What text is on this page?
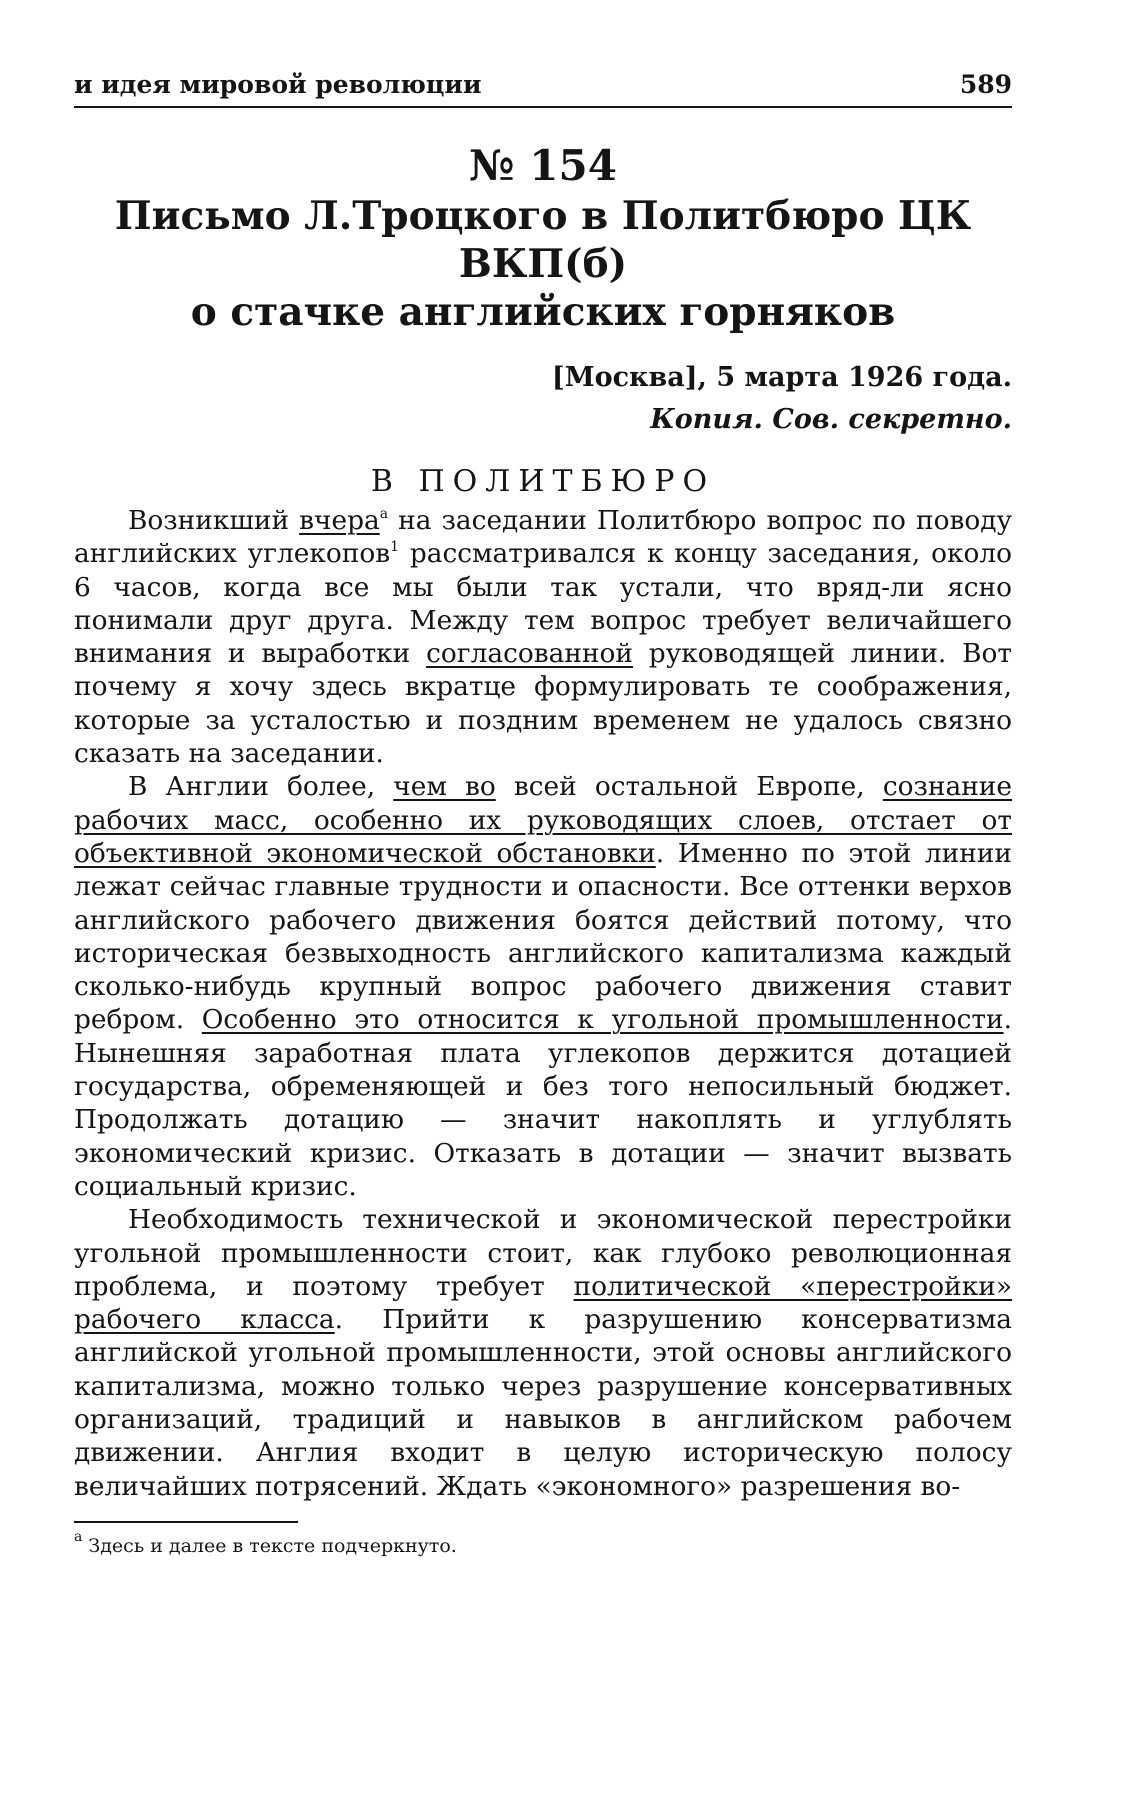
и идея мировой революции	589
№ 154
Письмо Л.Троцкого в Политбюро ЦК ВКП(б)
о стачке английских горняков
[Москва], 5 марта 1926 года.
Копия. Сов. секретно.
В ПОЛИТБЮРО

Возникший вчера$^а$ на заседании Политбюро вопрос по поводу английских углекопов$^1$ рассматривался к концу заседания, около 6 часов, когда все мы были так устали, что вряд-ли ясно понимали друг друга. Между тем вопрос требует величайшего внимания и выработки согласованной руководящей линии. Вот почему я хочу здесь вкратце формулировать те соображения, которые за усталостью и поздним временем не удалось связно сказать на заседании.

В Англии более, чем во всей остальной Европе, сознание рабочих масс, особенно их руководящих слоев, отстает от объективной экономической обстановки. Именно по этой линии лежат сейчас главные трудности и опасности. Все оттенки верхов английского рабочего движения боятся действий потому, что историческая безвыходность английского капитализма каждый сколько-нибудь крупный вопрос рабочего движения ставит ребром. Особенно это относится к угольной промышленности. Нынешняя заработная плата углекопов держится дотацией государства, обременяющей и без того непосильный бюджет. Продолжать дотацию — значит накоплять и углублять экономический кризис. Отказать в дотации — значит вызвать социальный кризис.

Необходимость технической и экономической перестройки угольной промышленности стоит, как глубоко революционная проблема, и поэтому требует политической «перестройки» рабочего класса. Прийти к разрушению консерватизма английской угольной промышленности, этой основы английского капитализма, можно только через разрушение консервативных организаций, традиций и навыков в английском рабочем движении. Англия входит в целую историческую полосу величайших потрясений. Ждать «экономного» разрешения во-

$^а$ Здесь и далее в тексте подчеркнуто.
